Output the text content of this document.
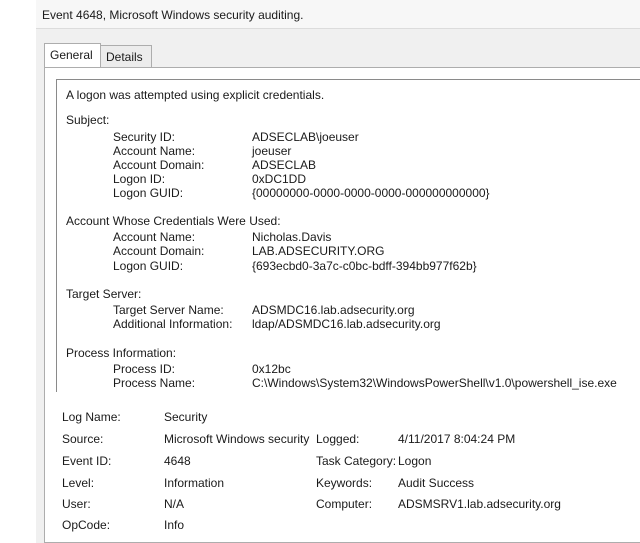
Event 4648, Microsoft Windows security auditing.
General	Details
A logon was attempted using explicit credentials.
Subject:
Security ID:	ADSECLAB\joeuser
Account Name:	joeuser
Account Domain:	ADSECLAB
Logon ID:	0xDC1DD
Logon GUID:	{00000000-0000-0000-0000-000000000000}
Account Whose Credentials Were Used:
Account Name:	Nicholas.Davis
Account Domain:	LAB.ADSECURITY.ORG
Logon GUID:	{693ecbd0-3a7c-c0bc-bdff-394bb977f62b}
Target Server:
Target Server Name: ADSMDC16.lab.adsecurity.org
Additional Information: ldap/ADSMDC16.lab.adsecurity.org
Process Information:
Process ID:	0x12bc
Process Name:	C:\Windows\System32\WindowsPowerShell\v1.0\powershell_ise.exe
Log Name:	Security
Source:	Microsoft Windows security Logged:	4/11/2017 8:04:24 PM
Event ID:	4648	Task Category: Logon
Level:	Information	Keywords: Audit Success
User:	N/A	Computer: ADSMSRV1.lab.adsecurity.org
OpCode:	Info
